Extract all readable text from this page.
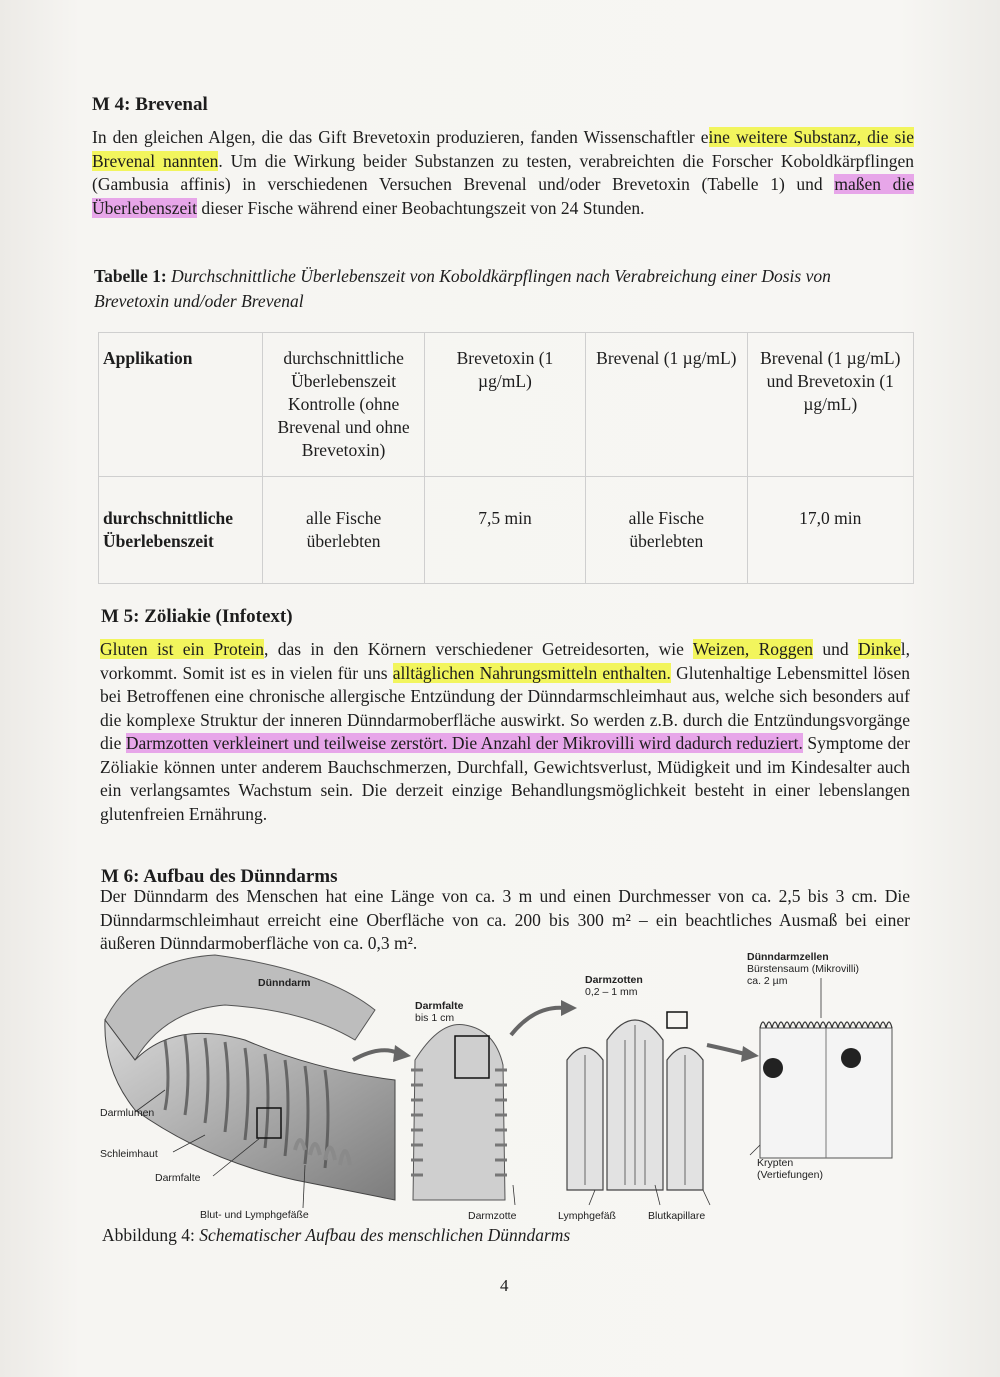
M 4: Brevenal

In den gleichen Algen, die das Gift Brevetoxin produzieren, fanden Wissenschaftler eine weitere Substanz, die sie Brevenal nannten. Um die Wirkung beider Substanzen zu testen, verabreichten die Forscher Koboldkärpflingen (Gambusia affinis) in verschiedenen Versuchen Brevenal und/oder Brevetoxin (Tabelle 1) und maßen die Überlebenszeit dieser Fische während einer Beobachtungszeit von 24 Stunden.

Tabelle 1: Durchschnittliche Überlebenszeit von Koboldkärpflingen nach Verabreichung einer Dosis von Brevetoxin und/oder Brevenal

Applikation	durchschnittliche Überlebenszeit Kontrolle (ohne Brevenal und ohne Brevetoxin)	Brevetoxin (1 µg/mL)	Brevenal (1 µg/mL)	Brevenal (1 µg/mL) und Brevetoxin (1 µg/mL)
durchschnittliche Überlebenszeit	alle Fische überlebten	7,5 min	alle Fische überlebten	17,0 min
M 5: Zöliakie (Infotext)

Gluten ist ein Protein, das in den Körnern verschiedener Getreidesorten, wie Weizen, Roggen und Dinkel, vorkommt. Somit ist es in vielen für uns alltäglichen Nahrungsmitteln enthalten. Glutenhaltige Lebensmittel lösen bei Betroffenen eine chronische allergische Entzündung der Dünndarmschleimhaut aus, welche sich besonders auf die komplexe Struktur der inneren Dünndarmoberfläche auswirkt. So werden z.B. durch die Entzündungsvorgänge die Darmzotten verkleinert und teilweise zerstört. Die Anzahl der Mikrovilli wird dadurch reduziert. Symptome der Zöliakie können unter anderem Bauchschmerzen, Durchfall, Gewichtsverlust, Müdigkeit und im Kindesalter auch ein verlangsamtes Wachstum sein. Die derzeit einzige Behandlungsmöglichkeit besteht in einer lebenslangen glutenfreien Ernährung.

M 6: Aufbau des Dünndarms

Der Dünndarm des Menschen hat eine Länge von ca. 3 m und einen Durchmesser von ca. 2,5 bis 3 cm. Die Dünndarmschleimhaut erreicht eine Oberfläche von ca. 200 bis 300 m² – ein beachtliches Ausmaß bei einer äußeren Dünndarmoberfläche von ca. 0,3 m².

Dünndarm
Darmlumen
Schleimhaut
Darmfalte
Blut- und Lymphgefäße
Darmfalte
bis 1 cm
Darmzotte
Darmzotten
0,2 – 1 mm
Lymphgefäß	Blutkapillare
Dünndarmzellen
Bürstensaum (Mikrovilli)
ca. 2 µm
Krypten
(Vertiefungen)

Abbildung 4: Schematischer Aufbau des menschlichen Dünndarms

4
